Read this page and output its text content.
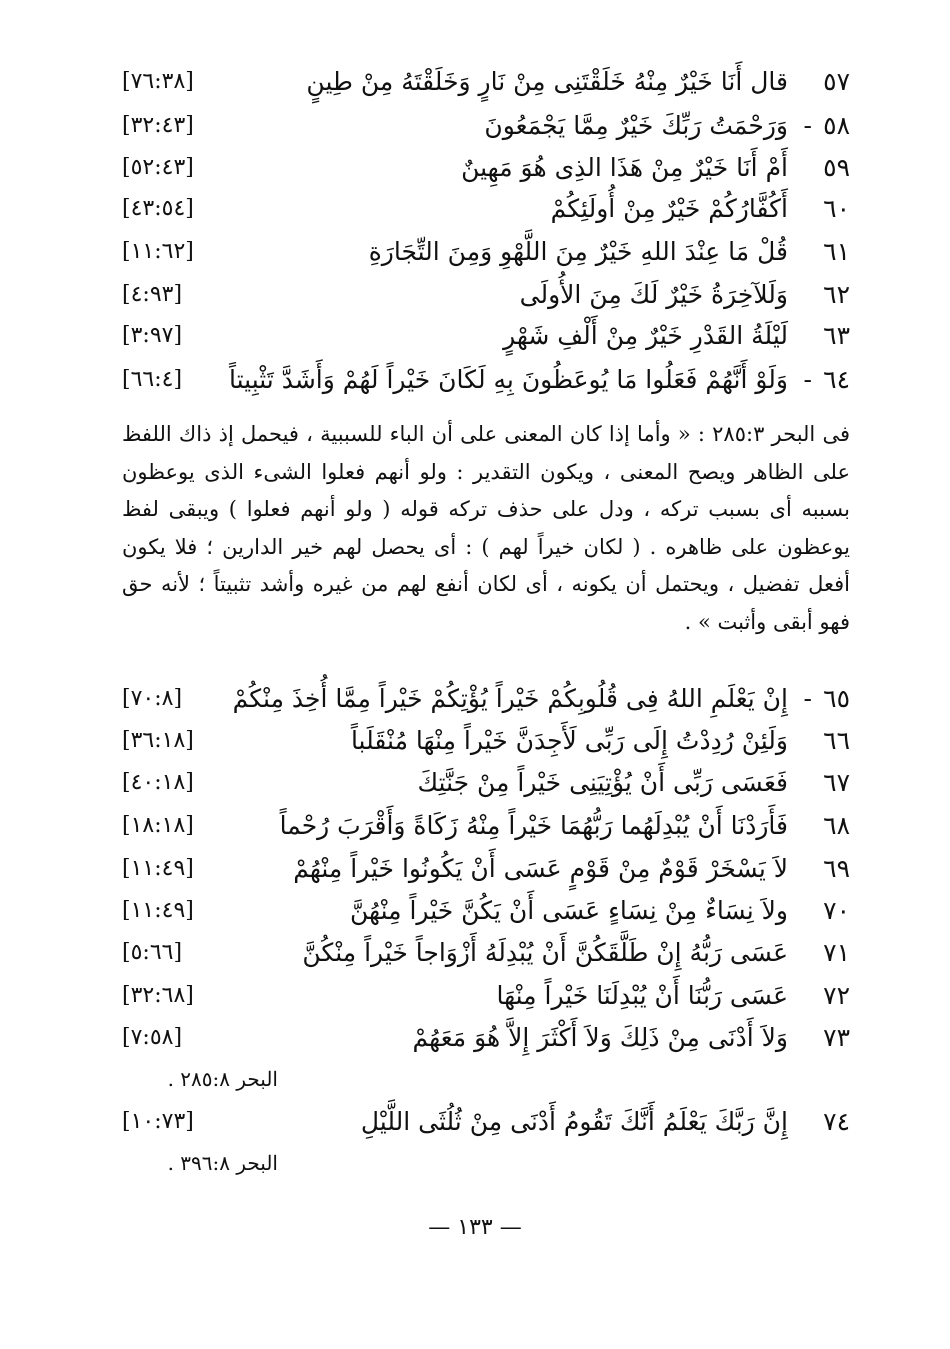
٥٧
قال أَنَا خَيْرٌ مِنْهُ خَلَقْتَنِى مِنْ نَارٍ وَخَلَقْتَهُ مِنْ طِينٍ
[٧٦:٣٨]
٥٨
-
وَرَحْمَتُ رَبِّكَ خَيْرٌ مِمَّا يَجْمَعُونَ
[٣٢:٤٣]
٥٩
أَمْ أَنَا خَيْرٌ مِنْ هَذَا الذِى هُوَ مَهِينٌ
[٥٢:٤٣]
٦٠
أَكُفَّارُكُمْ خَيْرٌ مِنْ أُولَئِكُمْ
[٤٣:٥٤]
٦١
قُلْ مَا عِنْدَ اللهِ خَيْرٌ مِنَ اللَّهْوِ وَمِنَ التِّجَارَةِ
[١١:٦٢]
٦٢
وَلَلآخِرَةُ خَيْرٌ لَكَ مِنَ الأُولَى
[٤:٩٣]
٦٣
لَيْلَةُ القَدْرِ خَيْرٌ مِنْ أَلْفِ شَهْرٍ
[٣:٩٧]
٦٤
-
وَلَوْ أَنَّهُمْ فَعَلُوا مَا يُوعَظُونَ بِهِ لَكَانَ خَيْراً لَهُمْ وَأَشَدَّ تَثْبِيتاً
[٦٦:٤]

فى البحر ٢٨٥:٣ : « وأما إذا كان المعنى على أن الباء للسببية ، فيحمل إذ ذاك اللفظ على الظاهر ويصح المعنى ، ويكون التقدير : ولو أنهم فعلوا الشىء الذى يوعظون بسببه أى بسبب تركه ، ودل على حذف تركه قوله ( ولو أنهم فعلوا ) ويبقى لفظ يوعظون على ظاهره . ( لكان خيراً لهم ) : أى يحصل لهم خير الدارين ؛ فلا يكون أفعل تفضيل ، ويحتمل أن يكونه ، أى لكان أنفع لهم من غيره وأشد تثبيتاً ؛ لأنه حق فهو أبقى وأثبت » .

٦٥
-
إِنْ يَعْلَمِ اللهُ فِى قُلُوبِكُمْ خَيْراً يُؤْتِكُمْ خَيْراً مِمَّا أُخِذَ مِنْكُمْ
[٧٠:٨]
٦٦
وَلَئِنْ رُدِدْتُ إِلَى رَبِّى لَأَجِدَنَّ خَيْراً مِنْهَا مُنْقَلَباً
[٣٦:١٨]
٦٧
فَعَسَى رَبِّى أَنْ يُؤْتِيَنِى خَيْراً مِنْ جَنَّتِكَ
[٤٠:١٨]
٦٨
فَأَرَدْنَا أَنْ يُبْدِلَهُما رَبُّهُمَا خَيْراً مِنْهُ زَكَاةً وَأَقْرَبَ رُحْماً
[١٨:١٨]
٦٩
لاَ يَسْخَرْ قَوْمٌ مِنْ قَوْمٍ عَسَى أَنْ يَكُونُوا خَيْراً مِنْهُمْ
[١١:٤٩]
٧٠
ولاَ نِسَاءٌ مِنْ نِسَاءٍ عَسَى أَنْ يَكُنَّ خَيْراً مِنْهُنَّ
[١١:٤٩]
٧١
عَسَى رَبُّهُ إِنْ طَلَّقَكُنَّ أَنْ يُبْدِلَهُ أَزْوَاجاً خَيْراً مِنْكُنَّ
[٥:٦٦]
٧٢
عَسَى رَبُّنَا أَنْ يُبْدِلَنَا خَيْراً مِنْهَا
[٣٢:٦٨]
٧٣
وَلاَ أَدْنَى مِنْ ذَلِكَ وَلاَ أَكْثَرَ إِلاَّ هُوَ مَعَهُمْ
[٧:٥٨]
البحر ٢٨٥:٨ .
٧٤
إِنَّ رَبَّكَ يَعْلَمُ أَنَّكَ تَقُومُ أَدْنَى مِنْ ثُلُثَى اللَّيْلِ
[١٠:٧٣]
البحر ٣٩٦:٨ .
— ١٣٣ —
